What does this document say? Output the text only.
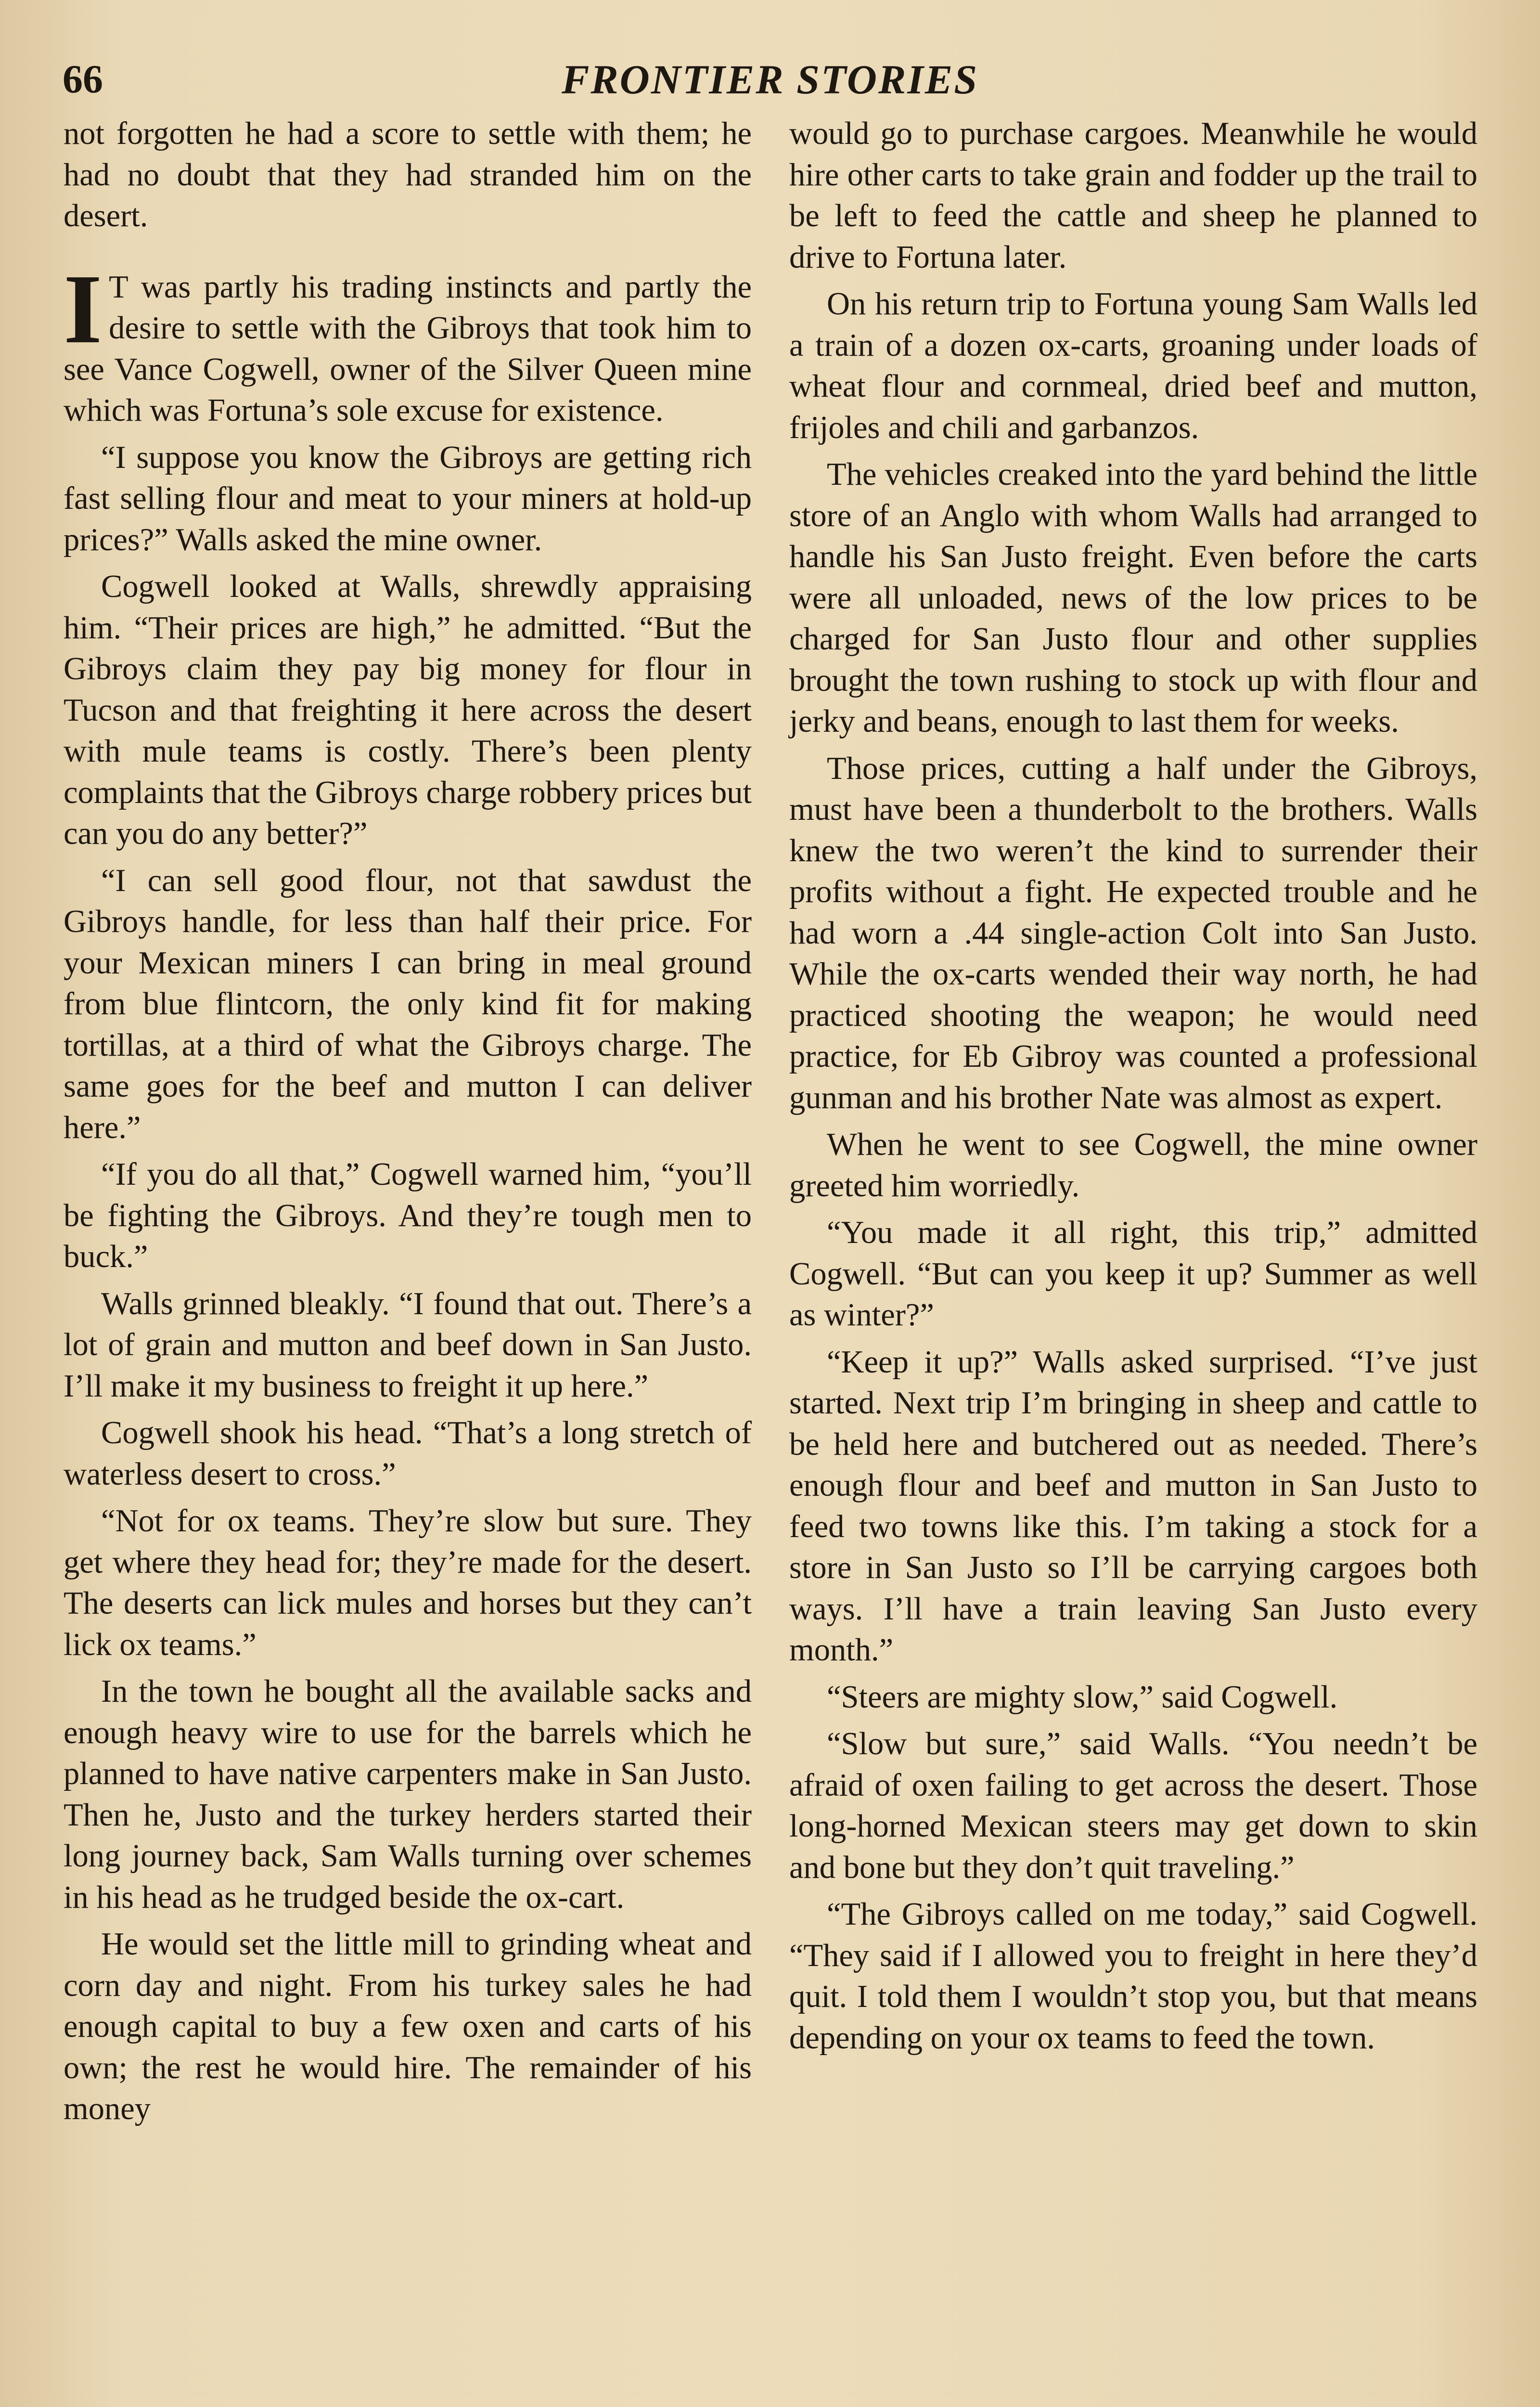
66	FRONTIER STORIES

not forgotten he had a score to settle with them; he had no doubt that they had stranded him on the desert.

I T was partly his trading instincts and partly the desire to settle with the Gibroys that took him to see Vance Cogwell, owner of the Silver Queen mine which was Fortuna’s sole excuse for existence.

“I suppose you know the Gibroys are getting rich fast selling flour and meat to your miners at hold-up prices?” Walls asked the mine owner.

Cogwell looked at Walls, shrewdly appraising him. “Their prices are high,” he admitted. “But the Gibroys claim they pay big money for flour in Tucson and that freighting it here across the desert with mule teams is costly. There’s been plenty complaints that the Gibroys charge robbery prices but can you do any better?”

“I can sell good flour, not that sawdust the Gibroys handle, for less than half their price. For your Mexican miners I can bring in meal ground from blue flintcorn, the only kind fit for making tortillas, at a third of what the Gibroys charge. The same goes for the beef and mutton I can deliver here.”

“If you do all that,” Cogwell warned him, “you’ll be fighting the Gibroys. And they’re tough men to buck.”

Walls grinned bleakly. “I found that out. There’s a lot of grain and mutton and beef down in San Justo. I’ll make it my business to freight it up here.”

Cogwell shook his head. “That’s a long stretch of waterless desert to cross.”

“Not for ox teams. They’re slow but sure. They get where they head for; they’re made for the desert. The deserts can lick mules and horses but they can’t lick ox teams.”

In the town he bought all the available sacks and enough heavy wire to use for the barrels which he planned to have native carpenters make in San Justo. Then he, Justo and the turkey herders started their long journey back, Sam Walls turning over schemes in his head as he trudged beside the ox-cart.

He would set the little mill to grinding wheat and corn day and night. From his turkey sales he had enough capital to buy a few oxen and carts of his own; the rest he would hire. The remainder of his money

would go to purchase cargoes. Meanwhile he would hire other carts to take grain and fodder up the trail to be left to feed the cattle and sheep he planned to drive to Fortuna later.

On his return trip to Fortuna young Sam Walls led a train of a dozen ox-carts, groaning under loads of wheat flour and cornmeal, dried beef and mutton, frijoles and chili and garbanzos.

The vehicles creaked into the yard behind the little store of an Anglo with whom Walls had arranged to handle his San Justo freight. Even before the carts were all unloaded, news of the low prices to be charged for San Justo flour and other supplies brought the town rushing to stock up with flour and jerky and beans, enough to last them for weeks.

Those prices, cutting a half under the Gibroys, must have been a thunderbolt to the brothers. Walls knew the two weren’t the kind to surrender their profits without a fight. He expected trouble and he had worn a .44 single-action Colt into San Justo. While the ox-carts wended their way north, he had practiced shooting the weapon; he would need practice, for Eb Gibroy was counted a professional gunman and his brother Nate was almost as expert.

When he went to see Cogwell, the mine owner greeted him worriedly.

“You made it all right, this trip,” admitted Cogwell. “But can you keep it up? Summer as well as winter?”

“Keep it up?” Walls asked surprised. “I’ve just started. Next trip I’m bringing in sheep and cattle to be held here and butchered out as needed. There’s enough flour and beef and mutton in San Justo to feed two towns like this. I’m taking a stock for a store in San Justo so I’ll be carrying cargoes both ways. I’ll have a train leaving San Justo every month.”

“Steers are mighty slow,” said Cogwell.

“Slow but sure,” said Walls. “You needn’t be afraid of oxen failing to get across the desert. Those long-horned Mexican steers may get down to skin and bone but they don’t quit traveling.”

“The Gibroys called on me today,” said Cogwell. “They said if I allowed you to freight in here they’d quit. I told them I wouldn’t stop you, but that means depending on your ox teams to feed the town.
